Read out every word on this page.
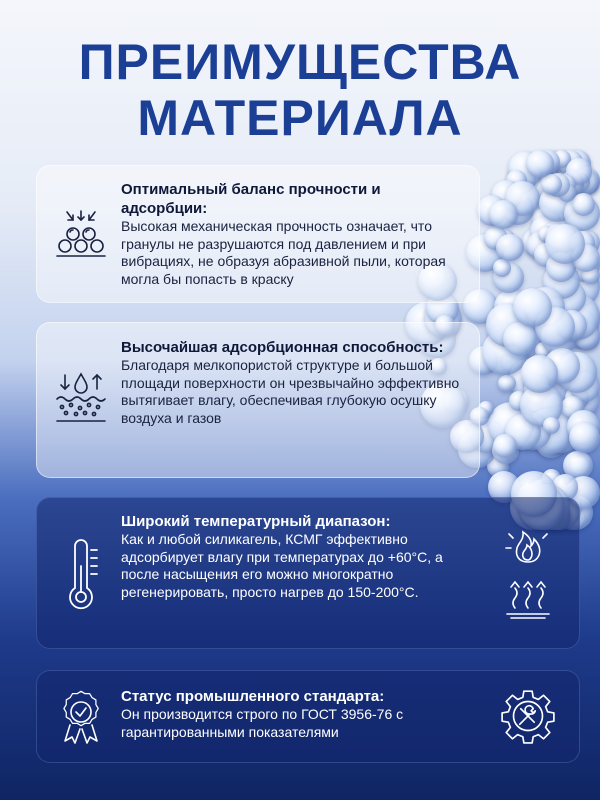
ПРЕИМУЩЕСТВА
МАТЕРИАЛА
Оптимальный баланс прочности и адсорбции:

Высокая механическая прочность означает, что гранулы не разрушаются под давлением и при вибрациях, не образуя абразивной пыли, которая могла бы попасть в краску

Высочайшая адсорбционная способность:

Благодаря мелкопористой структуре и большой площади поверхности он чрезвычайно эффективно вытягивает влагу, обеспечивая глубокую осушку воздуха и газов

Широкий температурный диапазон:

Как и любой силикагель, КСМГ эффективно адсорбирует влагу при температурах до +60°С, а после насыщения его можно многократно регенерировать, просто нагрев до 150-200°С.

Статус промышленного стандарта:

Он производится строго по ГОСТ 3956-76 с гарантированными показателями
